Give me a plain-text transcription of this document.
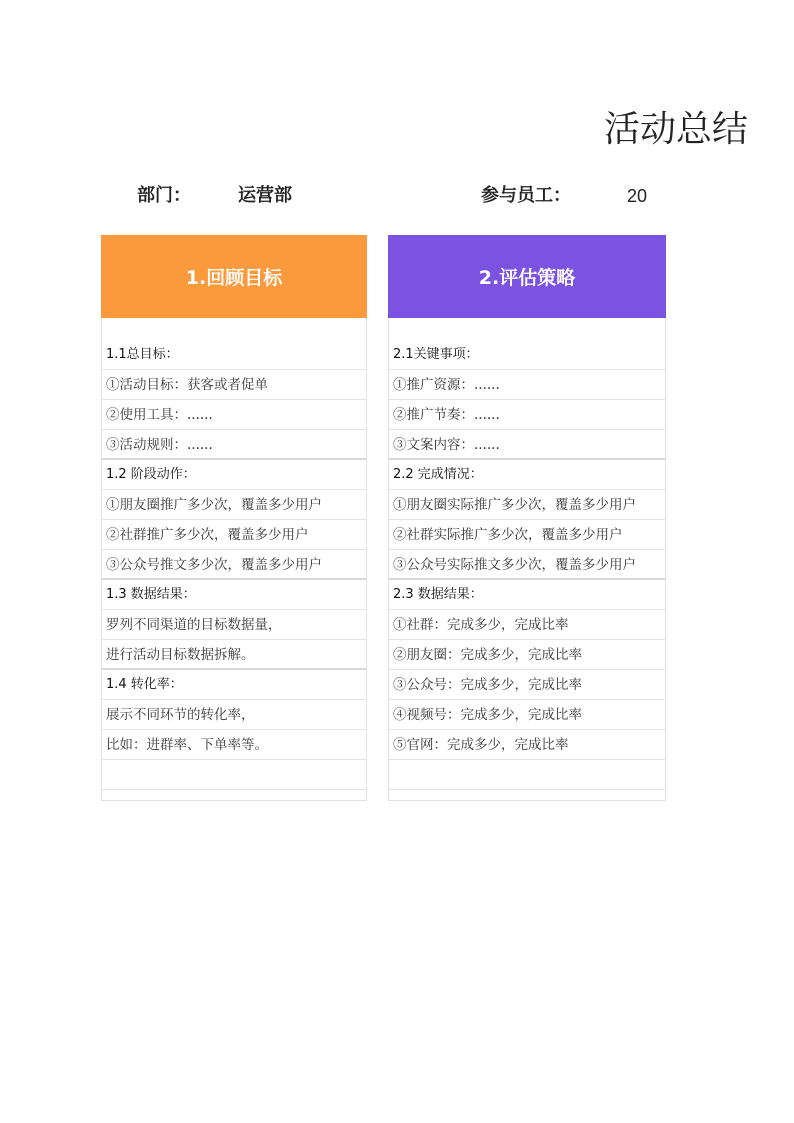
活动总结
部门：	运营部	参与员工：	20
1.回顾目标
1.1总目标：
①活动目标：获客或者促单
②使用工具：......
③活动规则：......
1.2 阶段动作：
①朋友圈推广多少次，覆盖多少用户
②社群推广多少次，覆盖多少用户
③公众号推文多少次，覆盖多少用户
1.3 数据结果：
罗列不同渠道的目标数据量，
进行活动目标数据拆解。
1.4 转化率：
展示不同环节的转化率，
比如：进群率、下单率等。
2.评估策略
2.1关键事项：
①推广资源：......
②推广节奏：......
③文案内容：......
2.2 完成情况：
①朋友圈实际推广多少次，覆盖多少用户
②社群实际推广多少次，覆盖多少用户
③公众号实际推文多少次，覆盖多少用户
2.3 数据结果：
①社群：完成多少，完成比率
②朋友圈：完成多少，完成比率
③公众号：完成多少，完成比率
④视频号：完成多少，完成比率
⑤官网：完成多少，完成比率
